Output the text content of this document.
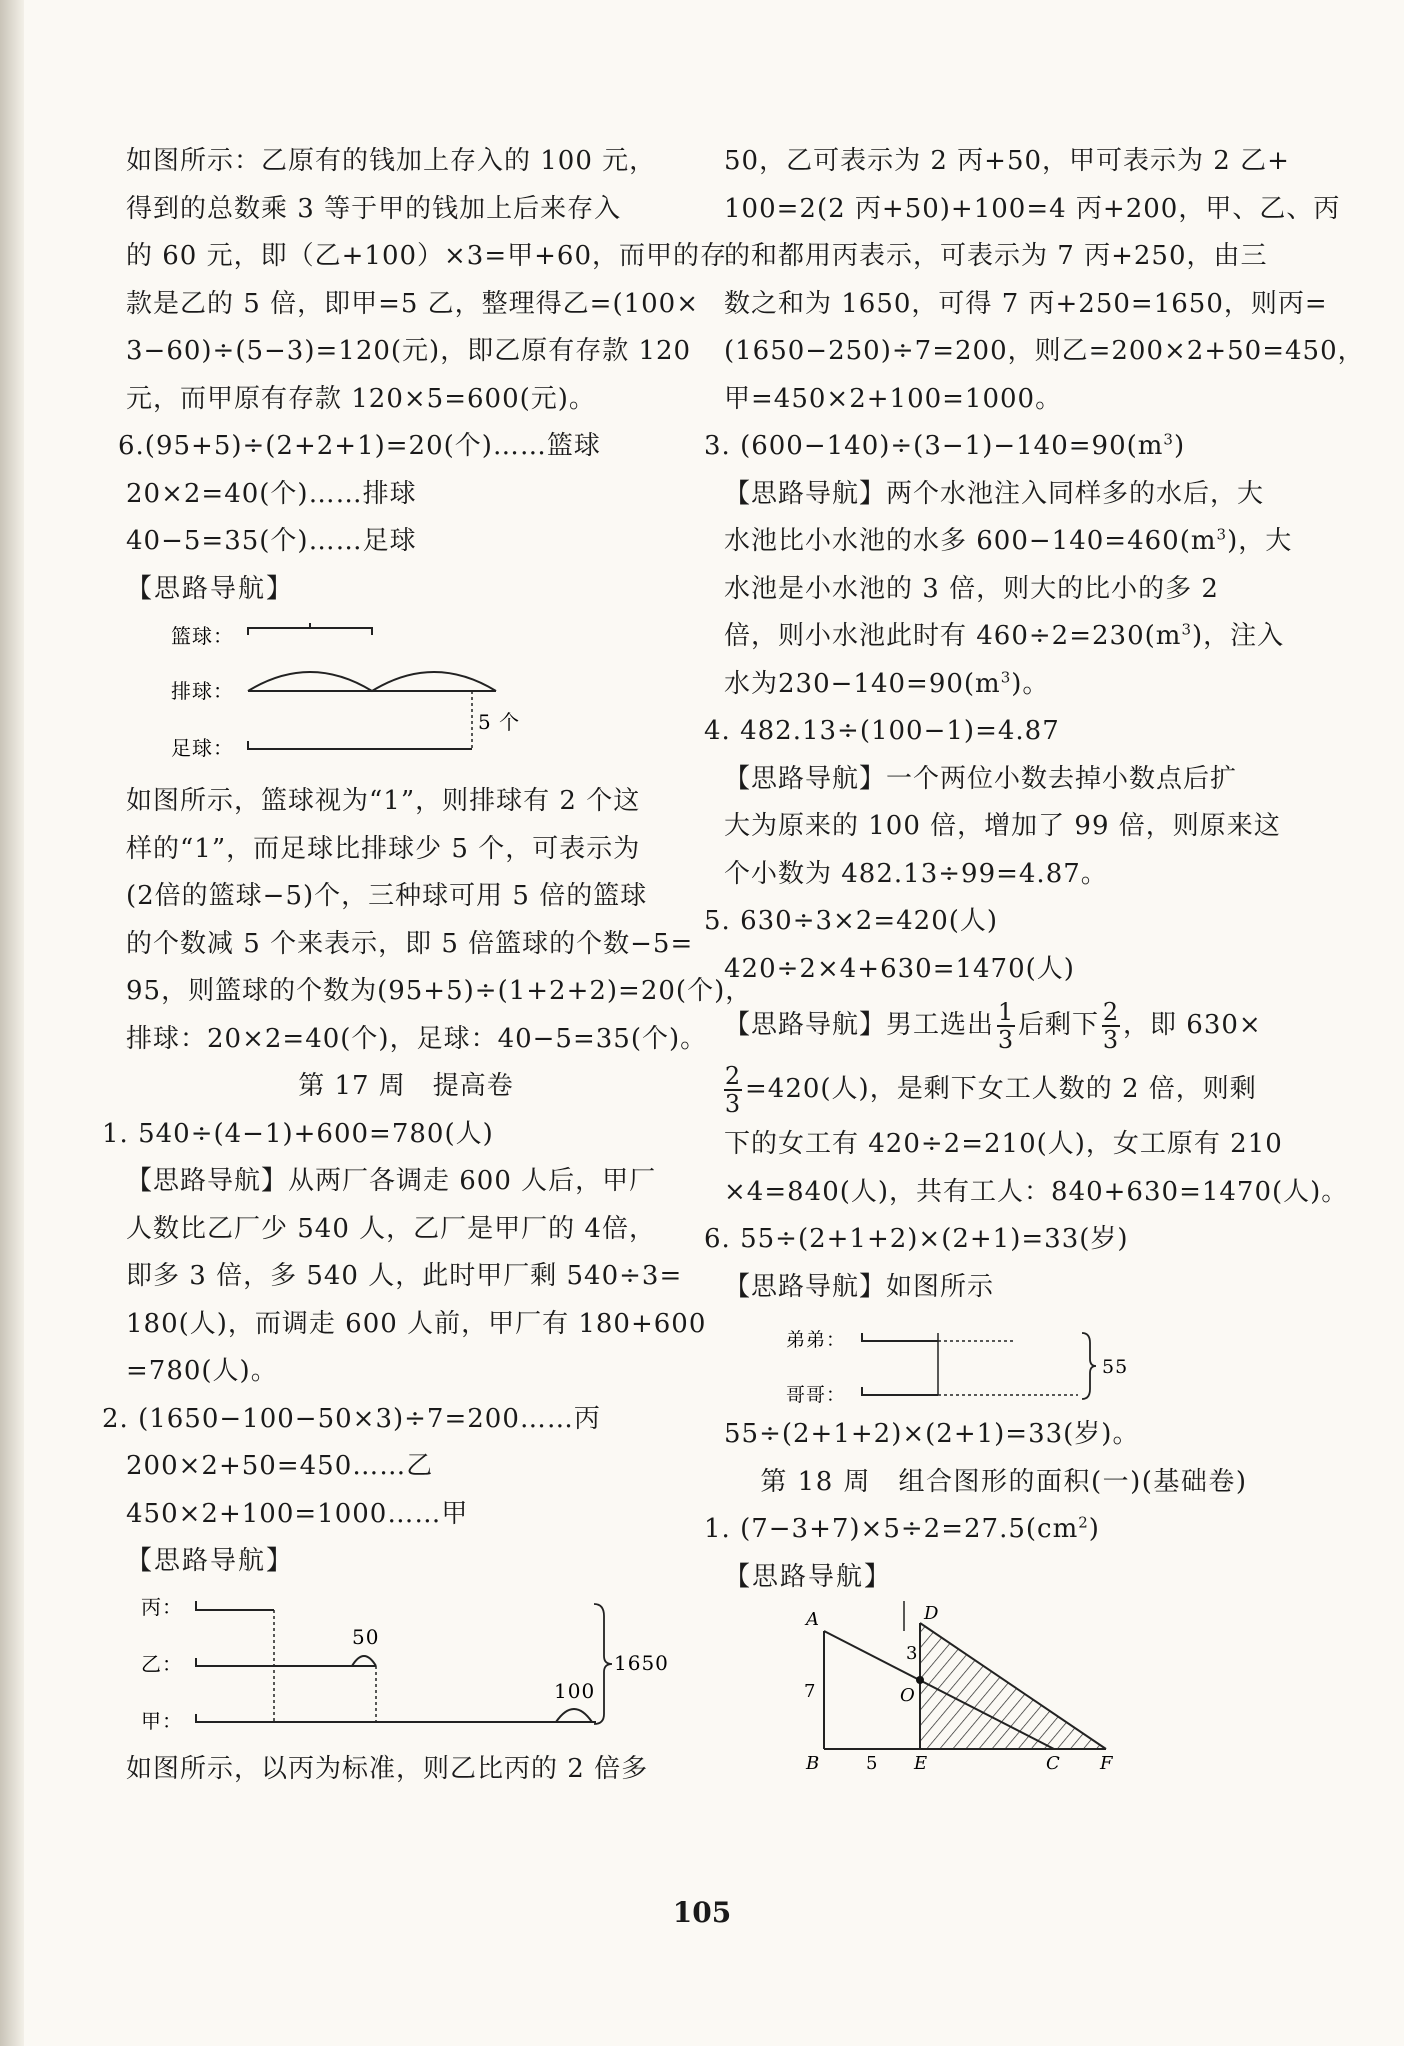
如图所示：乙原有的钱加上存入的 100 元，
得到的总数乘 3 等于甲的钱加上后来存入
的 60 元，即（乙+100）×3=甲+60，而甲的存
款是乙的 5 倍，即甲=5 乙，整理得乙=(100×
3−60)÷(5−3)=120(元)，即乙原有存款 120
元，而甲原有存款 120×5=600(元)。
6.(95+5)÷(2+2+1)=20(个)……篮球
20×2=40(个)……排球
40−5=35(个)……足球
【思路导航】
篮球：
排球：
5 个
足球：
如图所示，篮球视为“1”，则排球有 2 个这
样的“1”，而足球比排球少 5 个，可表示为
(2倍的篮球−5)个，三种球可用 5 倍的篮球
的个数减 5 个来表示，即 5 倍篮球的个数−5=
95，则篮球的个数为(95+5)÷(1+2+2)=20(个)，
排球：20×2=40(个)，足球：40−5=35(个)。
第 17 周　提高卷
1. 540÷(4−1)+600=780(人)
【思路导航】从两厂各调走 600 人后，甲厂
人数比乙厂少 540 人，乙厂是甲厂的 4倍，
即多 3 倍，多 540 人，此时甲厂剩 540÷3=
180(人)，而调走 600 人前，甲厂有 180+600
=780(人)。
2. (1650−100−50×3)÷7=200……丙
200×2+50=450……乙
450×2+100=1000……甲
【思路导航】
丙：
乙：
50
甲：
100
1650
如图所示，以丙为标准，则乙比丙的 2 倍多
50，乙可表示为 2 丙+50，甲可表示为 2 乙+
100=2(2 丙+50)+100=4 丙+200，甲、乙、丙
的和都用丙表示，可表示为 7 丙+250，由三
数之和为 1650，可得 7 丙+250=1650，则丙=
(1650−250)÷7=200，则乙=200×2+50=450，
甲=450×2+100=1000。
3. $(600-140)\div(3-1)-140=90(m^3)$
【思路导航】两个水池注入同样多的水后，大
水池比小水池的水多 $600-140=460(m^3)$，大
水池是小水池的 3 倍，则大的比小的多 2
倍，则小水池此时有 $460\div 2=230(m^3)$，注入
水为$230-140=90(m^3)$。
4. 482.13÷(100−1)=4.87
【思路导航】一个两位小数去掉小数点后扩
大为原来的 100 倍，增加了 99 倍，则原来这
个小数为 482.13÷99=4.87。
5. 630÷3×2=420(人)
420÷2×4+630=1470(人)
【思路导航】男工选出 $\frac{1}{3}$ 后剩下 $\frac{2}{3}$ ，即 630×
$\frac{2}{3} =420$(人)，是剩下女工人数的 2 倍，则剩
下的女工有 420÷2=210(人)，女工原有 210
×4=840(人)，共有工人：840+630=1470(人)。
6. 55÷(2+1+2)×(2+1)=33(岁)
【思路导航】如图所示
弟弟：
哥哥：
55
55÷(2+1+2)×(2+1)=33(岁)。
第 18 周　组合图形的面积(一)(基础卷)
1. $(7-3+7)\times 5\div 2=27.5(cm^2)$
【思路导航】
A
B	C
D
E	F
O
7
3
5
105
